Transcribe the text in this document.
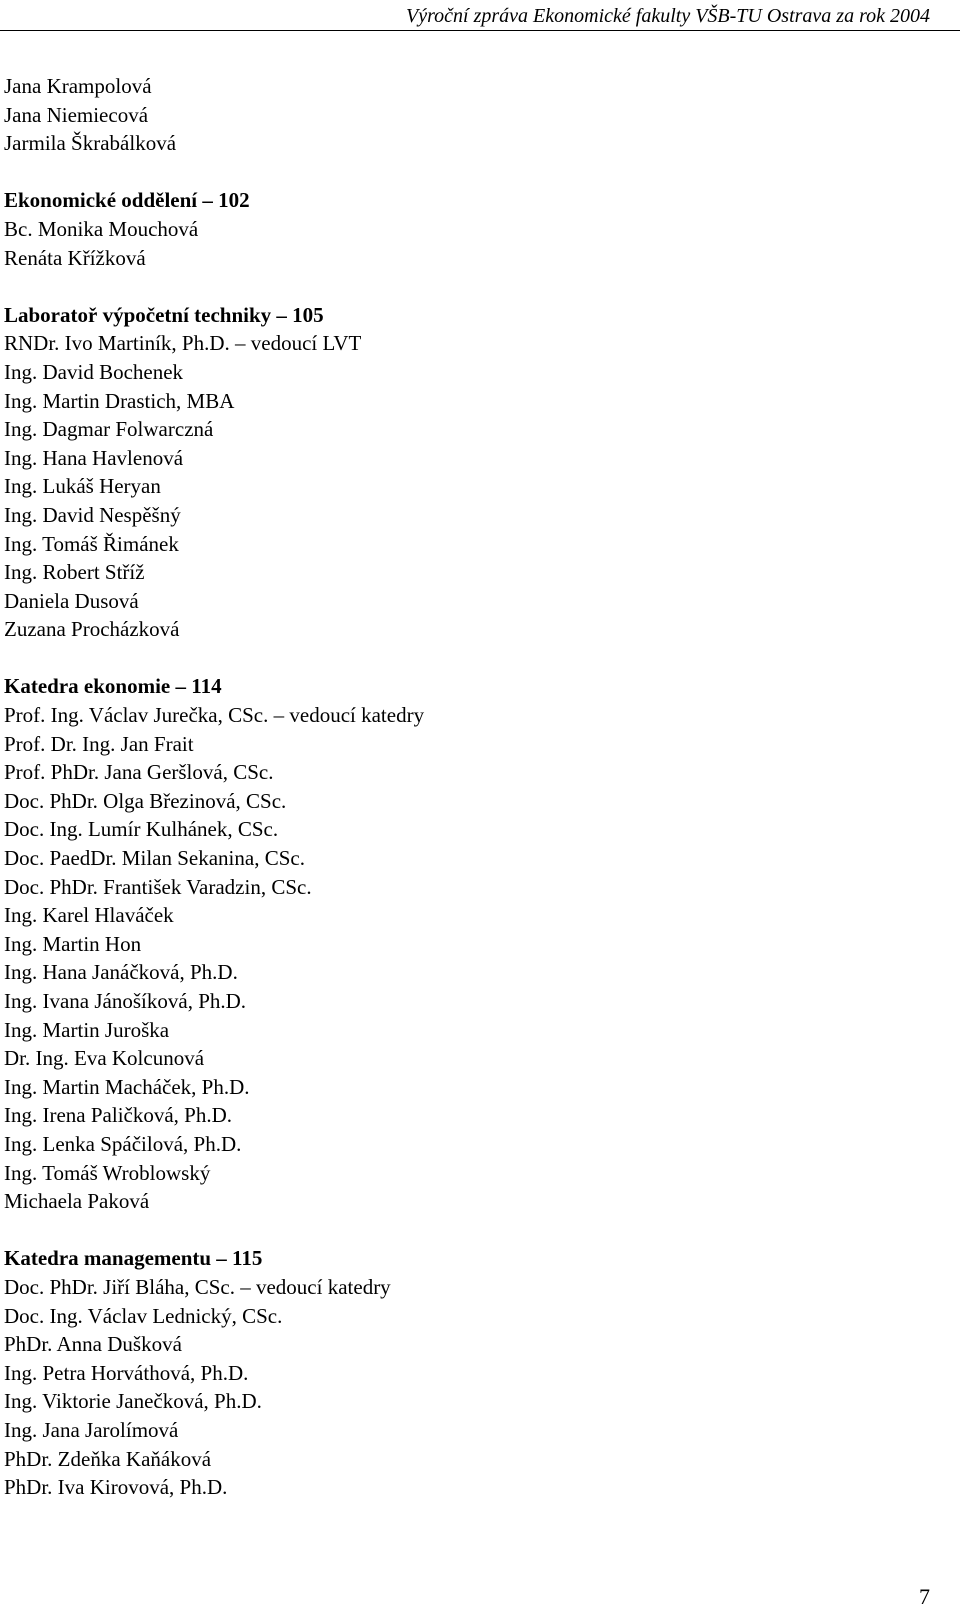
Výroční zpráva Ekonomické fakulty VŠB-TU Ostrava za rok 2004
Jana Krampolová
Jana Niemiecová
Jarmila Škrabálková
Ekonomické oddělení – 102
Bc. Monika Mouchová
Renáta Křížková
Laboratoř výpočetní techniky – 105
RNDr. Ivo Martiník, Ph.D. – vedoucí LVT
Ing. David Bochenek
Ing. Martin Drastich, MBA
Ing. Dagmar Folwarczná
Ing. Hana Havlenová
Ing. Lukáš Heryan
Ing. David Nespěšný
Ing. Tomáš Řimánek
Ing. Robert Stříž
Daniela Dusová
Zuzana Procházková
Katedra ekonomie – 114
Prof. Ing. Václav Jurečka, CSc. – vedoucí katedry
Prof. Dr. Ing. Jan Frait
Prof. PhDr. Jana Geršlová, CSc.
Doc. PhDr. Olga Březinová, CSc.
Doc. Ing. Lumír Kulhánek, CSc.
Doc. PaedDr. Milan Sekanina, CSc.
Doc. PhDr. František Varadzin, CSc.
Ing. Karel Hlaváček
Ing. Martin Hon
Ing. Hana Janáčková, Ph.D.
Ing. Ivana Jánošíková, Ph.D.
Ing. Martin Juroška
Dr. Ing. Eva Kolcunová
Ing. Martin Macháček, Ph.D.
Ing. Irena Paličková, Ph.D.
Ing. Lenka Spáčilová, Ph.D.
Ing. Tomáš Wroblowský
Michaela Paková
Katedra managementu – 115
Doc. PhDr. Jiří Bláha, CSc. – vedoucí katedry
Doc. Ing. Václav Lednický, CSc.
PhDr. Anna Dušková
Ing. Petra Horváthová, Ph.D.
Ing. Viktorie Janečková, Ph.D.
Ing. Jana Jarolímová
PhDr. Zdeňka Kaňáková
PhDr. Iva Kirovová, Ph.D.
7
